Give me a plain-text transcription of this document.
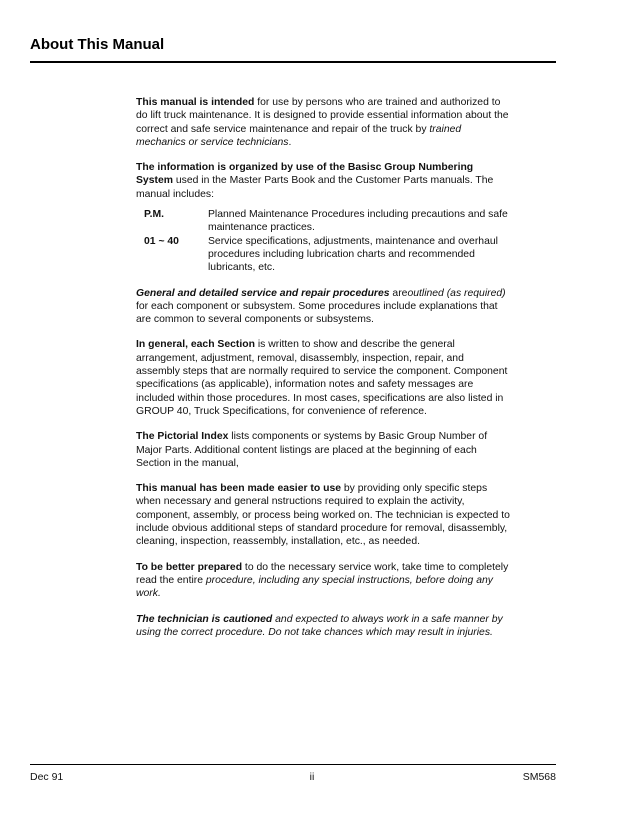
About This Manual

This manual is intended for use by persons who are trained and authorized to do lift truck maintenance. It is designed to provide essential information about the correct and safe service maintenance and repair of the truck by trained mechanics or service technicians.

The information is organized by use of the Basisc Group Numbering System used in the Master Parts Book and the Customer Parts manuals. The manual includes:

P.M.	Planned Maintenance Procedures including precautions and safe maintenance practices.
01 ~ 40	Service specifications, adjustments, maintenance and overhaul procedures including lubrication charts and recommended lubricants, etc.

General and detailed service and repair procedures areoutlined (as required) for each component or subsystem. Some procedures include explanations that are common to several components or subsystems.

In general, each Section is written to show and describe the general arrangement, adjustment, removal, disassembly, inspection, repair, and assembly steps that are normally required to service the component. Component specifications (as applicable), information notes and safety messages are included within those procedures. In most cases, specifications are also listed in GROUP 40, Truck Specifications, for convenience of reference.

The Pictorial Index lists components or systems by Basic Group Number of Major Parts. Additional content listings are placed at the beginning of each Section in the manual,

This manual has been made easier to use by providing only specific steps when necessary and general nstructions required to explain the activity, component, assembly, or process being worked on. The technician is expected to include obvious additional steps of standard procedure for removal, disassembly, cleaning, inspection, reassembly, installation, etc., as needed.

To be better prepared to do the necessary service work, take time to completely read the entire procedure, including any special instructions, before doing any work.

The technician is cautioned and expected to always work in a safe manner by using the correct procedure. Do not take chances which may result in injuries.

Dec 91	ii	SM568
